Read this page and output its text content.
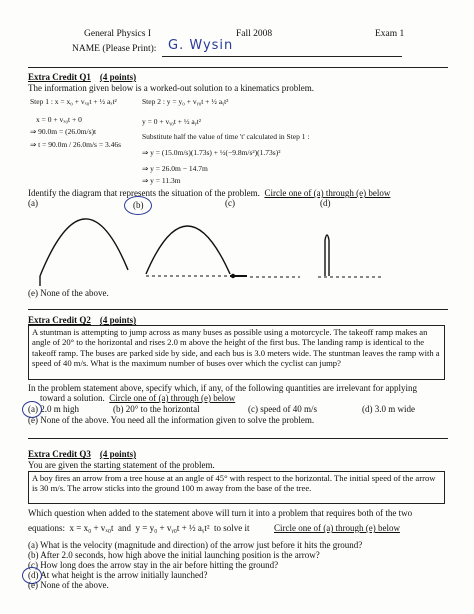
General Physics I	Fall 2008	Exam 1
NAME (Please Print): G. Wysin
Extra Credit Q1 (4 points)
The information given below is a worked-out solution to a kinematics problem.
Step 1 : x = x₀ + vₓ₀t + ½ aₓt²
x = 0 + vₓ₀t + 0
⇒ 90.0m = (26.0m/s)t
⇒ t = 90.0m / 26.0m/s = 3.46s
Step 2 : y = y₀ + vᵧ₀t + ½ aᵧt²
y = 0 + vᵧ₀t + ½ aᵧt²
Substitute half the value of time 't' calculated in Step 1 :
⇒ y = (15.0m/s)(1.73s) + ½(−9.8m/s²)(1.73s)²
⇒ y = 26.0m − 14.7m
⇒ y = 11.3m
Identify the diagram that represents the situation of the problem. Circle one of (a) through (e) below
(a)	(b)	(c)	(d)
(e) None of the above.
Extra Credit Q2 (4 points)
A stuntman is attempting to jump across as many buses as possible using a motorcycle. The takeoff ramp makes an angle of 20° to the horizontal and rises 2.0 m above the height of the first bus. The landing ramp is identical to the takeoff ramp. The buses are parked side by side, and each bus is 3.0 meters wide. The stuntman leaves the ramp with a speed of 40 m/s. What is the maximum number of buses over which the cyclist can jump?
In the problem statement above, specify which, if any, of the following quantities are irrelevant for applying
toward a solution. Circle one of (a) through (e) below
(a) 2.0 m high	(b) 20° to the horizontal	(c) speed of 40 m/s	(d) 3.0 m wide
(e) None of the above. You need all the information given to solve the problem.
Extra Credit Q3 (4 points)
You are given the starting statement of the problem.
A boy fires an arrow from a tree house at an angle of 45° with respect to the horizontal. The initial speed of the arrow is 30 m/s. The arrow sticks into the ground 100 m away from the base of the tree.
Which question when added to the statement above will turn it into a problem that requires both of the two
equations: x = x₀ + vₓ₀t and y = y₀ + vᵧ₀t + ½ aᵧt² to solve it	Circle one of (a) through (e) below
(a) What is the velocity (magnitude and direction) of the arrow just before it hits the ground?
(b) After 2.0 seconds, how high above the initial launching position is the arrow?
(c) How long does the arrow stay in the air before hitting the ground?
(d) At what height is the arrow initially launched?
(e) None of the above.
